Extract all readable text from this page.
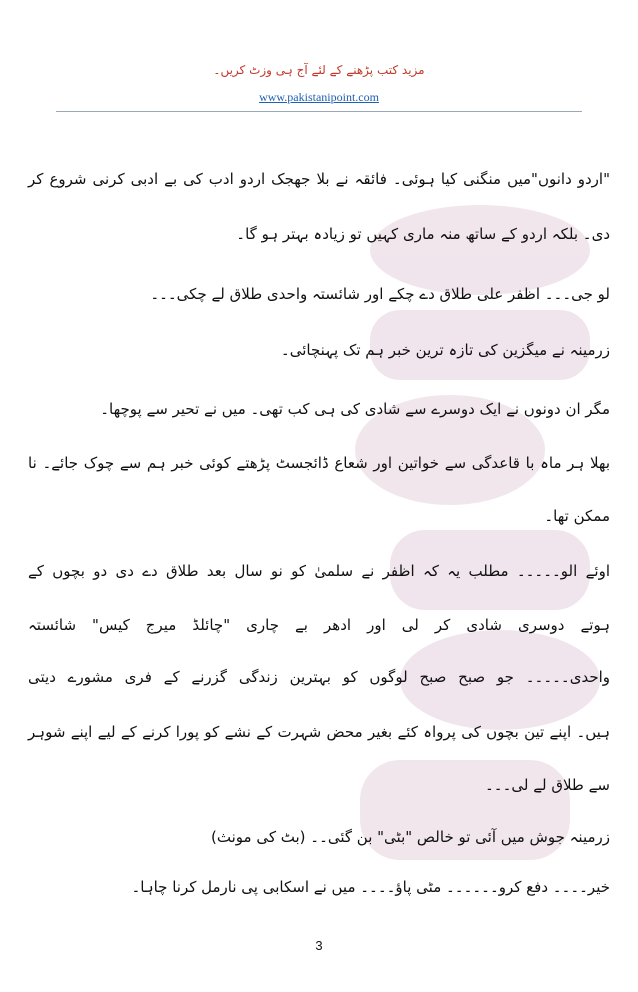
مزید کتب پڑھنے کے لئے آج ہی وزٹ کریں۔
www.pakistanipoint.com
"اردو دانوں"میں منگنی کیا ہوئی۔ فائقہ نے بلا جھجک اردو ادب کی بے ادبی کرنی شروع کر
دی۔ بلکہ اردو کے ساتھ منہ ماری کہیں تو زیادہ بہتر ہو گا۔
لو جی۔۔۔ اظفر علی طلاق دے چکے اور شائستہ واحدی طلاق لے چکی۔۔۔
زرمینہ نے میگزین کی تازہ ترین خبر ہم تک پہنچائی۔
مگر ان دونوں نے ایک دوسرے سے شادی کی ہی کب تھی۔ میں نے تحیر سے پوچھا۔
بھلا ہر ماہ با قاعدگی سے خواتین اور شعاع ڈائجسٹ پڑھتے کوئی خبر ہم سے چوک جائے۔ نا
ممکن تھا۔
اوئے الو۔۔۔۔۔ مطلب یہ کہ اظفر نے سلمیٰ کو نو سال بعد طلاق دے دی دو بچوں کے
ہوتے دوسری شادی کر لی اور ادھر بے چاری "چائلڈ میرج کیس" شائستہ
واحدی۔۔۔۔۔ جو صبح صبح لوگوں کو بہترین زندگی گزرنے کے فری مشورے دیتی
ہیں۔ اپنے تین بچوں کی پرواہ کئے بغیر محض شہرت کے نشے کو پورا کرنے کے لیے اپنے شوہر
سے طلاق لے لی۔۔۔
زرمینہ جوش میں آئی تو خالص "بٹی" بن گئی۔۔ (بٹ کی مونث)
خیر۔۔۔۔ دفع کرو۔۔۔۔۔۔ مٹی پاؤ۔۔۔۔ میں نے اسکابی پی نارمل کرنا چاہا۔
3
